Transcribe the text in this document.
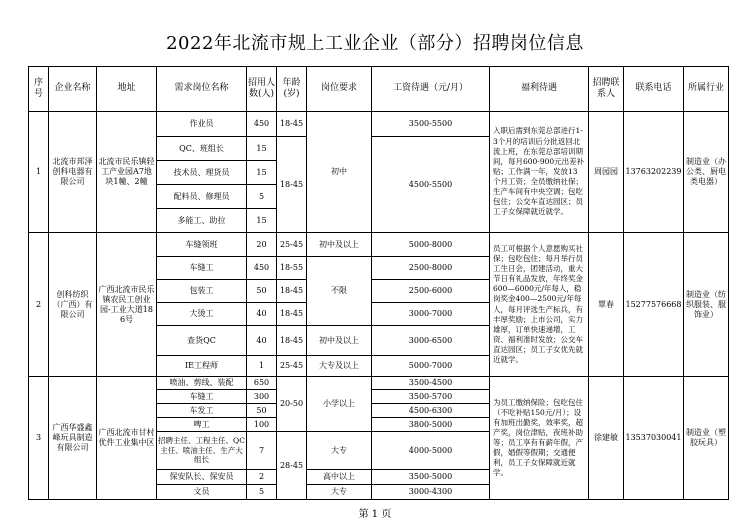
2022年北流市规上工业企业（部分）招聘岗位信息
序号	企业名称	地址	需求岗位名称	招用人数(人)	年龄(岁)	岗位要求	工资待遇（元/月）	福利待遇	招聘联系人	联系电话	所属行业
1	北流市邦泽创科电器有限公司	北流市民乐镇轻工产业园A7地块1幢、2幢	作业员	450	18-45	初中	3500-5500	入职后需到东莞总部进行1-3个月的培训后分批返回北流上班，在东莞总部培训期间，每月600-900元出差补贴；工作满一年，发放13个月工资；全员缴纳社保；生产车间有中央空调；包吃包住；公交车直达园区；员工子女保障就近就学。	周园园	13763202239	制造业（办公类、厨电类电器）
			QC、班组长	15	18-45		4500-5500				
			技术员、理货员	15							
			配料员、修理员	5							
			多能工、助拉	15							
2	创科纺织（广西）有限公司	广西北流市民乐镇农民工创业园-工业大道186号	车缝领班	20	25-45	初中及以上	5000-8000	员工可根据个人意愿购买社保；包吃包住；每月举行员工生日会，团建活动，重大节日有礼品发放，年终奖金600—6000元/年每人，稳岗奖金400—2500元/年每人，每月评选生产标兵，有丰厚奖励；上市公司，实力雄厚，订单快速递增，工资、福利准时发放；公交车直达园区；员工子女优先就近就学。	覃春	15277576668	制造业（纺织服装、服饰业）
			车缝工	450	18-55	不限	2500-8000				
			包装工	50	18-45		2500-6000				
			大烫工	40	18-45		3000-7000				
			查货QC	40	18-45	初中及以上	3000-6500				
			IE工程师	1	25-45	大专及以上	5000-7000				
3	广西华盛鑫峰玩具制造有限公司	广西北流市甘村优件工业集中区	喷油、剪线、装配	650	20-50	小学以上	3500-4500	为员工缴纳保险；包吃包住（不吃补贴150元/月）；设有加班出勤奖，效率奖，超产奖，岗位津贴，夜班补助等；员工享有有薪年假，产假，婚假等假期；交通便利，员工子女保障就近就学。	徐建敏	13537030041	制造业（塑胶玩具）
			车缝工	300			3500-5700				
			车发工	50			4500-6300				
			啤工	100			3800-5000				
			招聘主任、工程主任、QC主任、喷油主任、生产大组长	7	28-45	大专	4000-5000				
			保安队长、保安员	2		高中以上	3500-5000				
			文员	5		大专	3000-4300				
第 1 页
